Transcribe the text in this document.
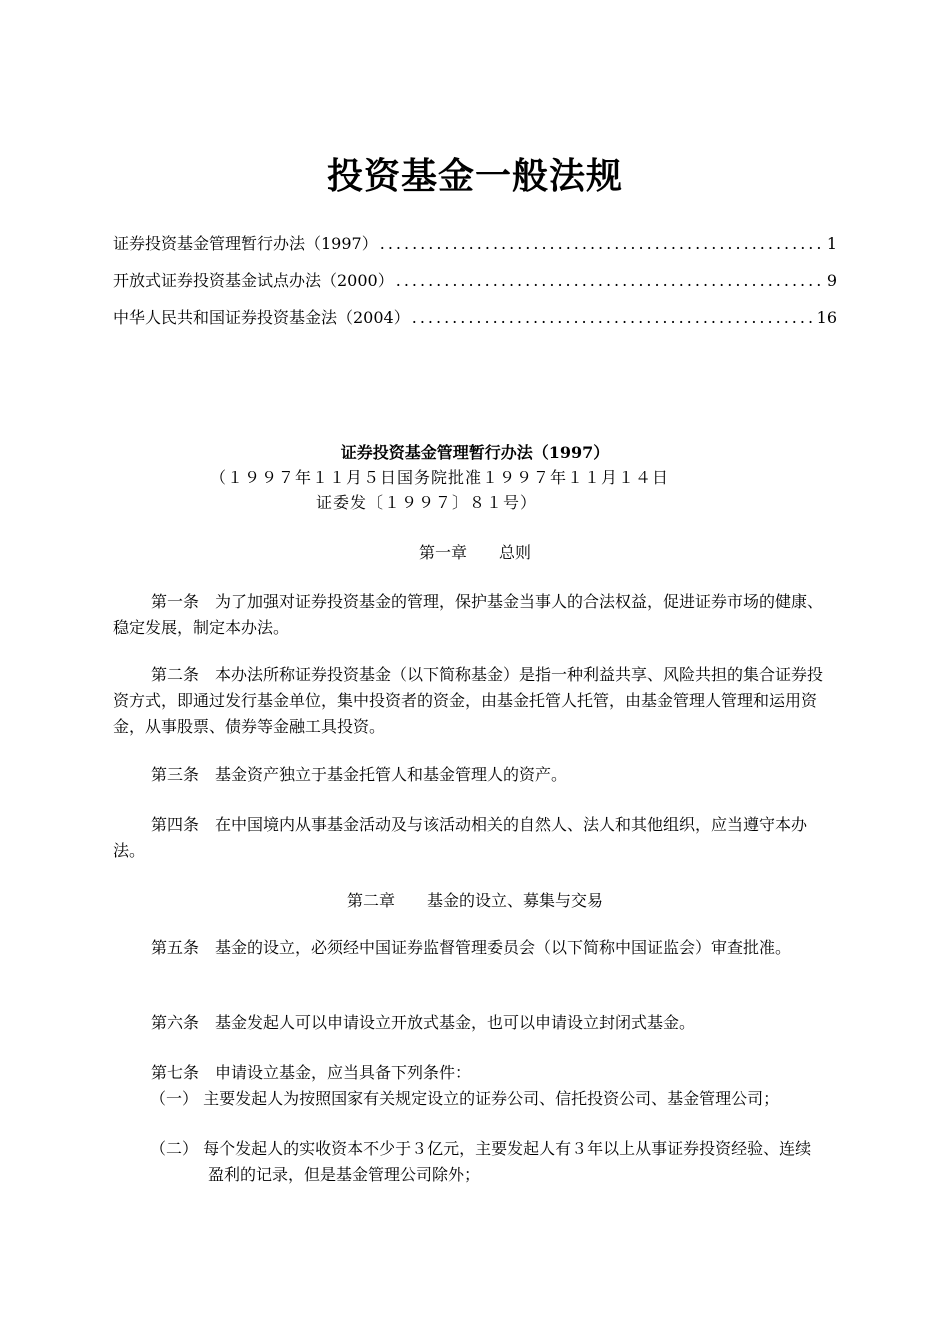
投资基金一般法规
证券投资基金管理暂行办法（1997） .....	1
开放式证券投资基金试点办法（2000） .....	9
中华人民共和国证券投资基金法（2004） .....	16
证券投资基金管理暂行办法（1997）
（１９９７年１１月５日国务院批准１９９７年１１月１４日
证委发〔１９９７〕８１号）
第一章　　 总则
第一条　 为了加强对证券投资基金的管理，保护基金当事人的合法权益，促进证券市场的健康、稳定发展，制定本办法。
第二条　 本办法所称证券投资基金（以下简称基金）是指一种利益共享、风险共担的集合证券投资方式，即通过发行基金单位，集中投资者的资金，由基金托管人托管，由基金管理人管理和运用资金，从事股票、债券等金融工具投资。
第三条　 基金资产独立于基金托管人和基金管理人的资产。
第四条　 在中国境内从事基金活动及与该活动相关的自然人、法人和其他组织，应当遵守本办法。
第二章　　 基金的设立、募集与交易
第五条　 基金的设立，必须经中国证券监督管理委员会（以下简称中国证监会）审查批准。
第六条　 基金发起人可以申请设立开放式基金，也可以申请设立封闭式基金。
第七条　 申请设立基金，应当具备下列条件：
（一） 主要发起人为按照国家有关规定设立的证券公司、信托投资公司、基金管理公司；
（二） 每个发起人的实收资本不少于３亿元，主要发起人有３年以上从事证券投资经验、连续盈利的记录，但是基金管理公司除外；
